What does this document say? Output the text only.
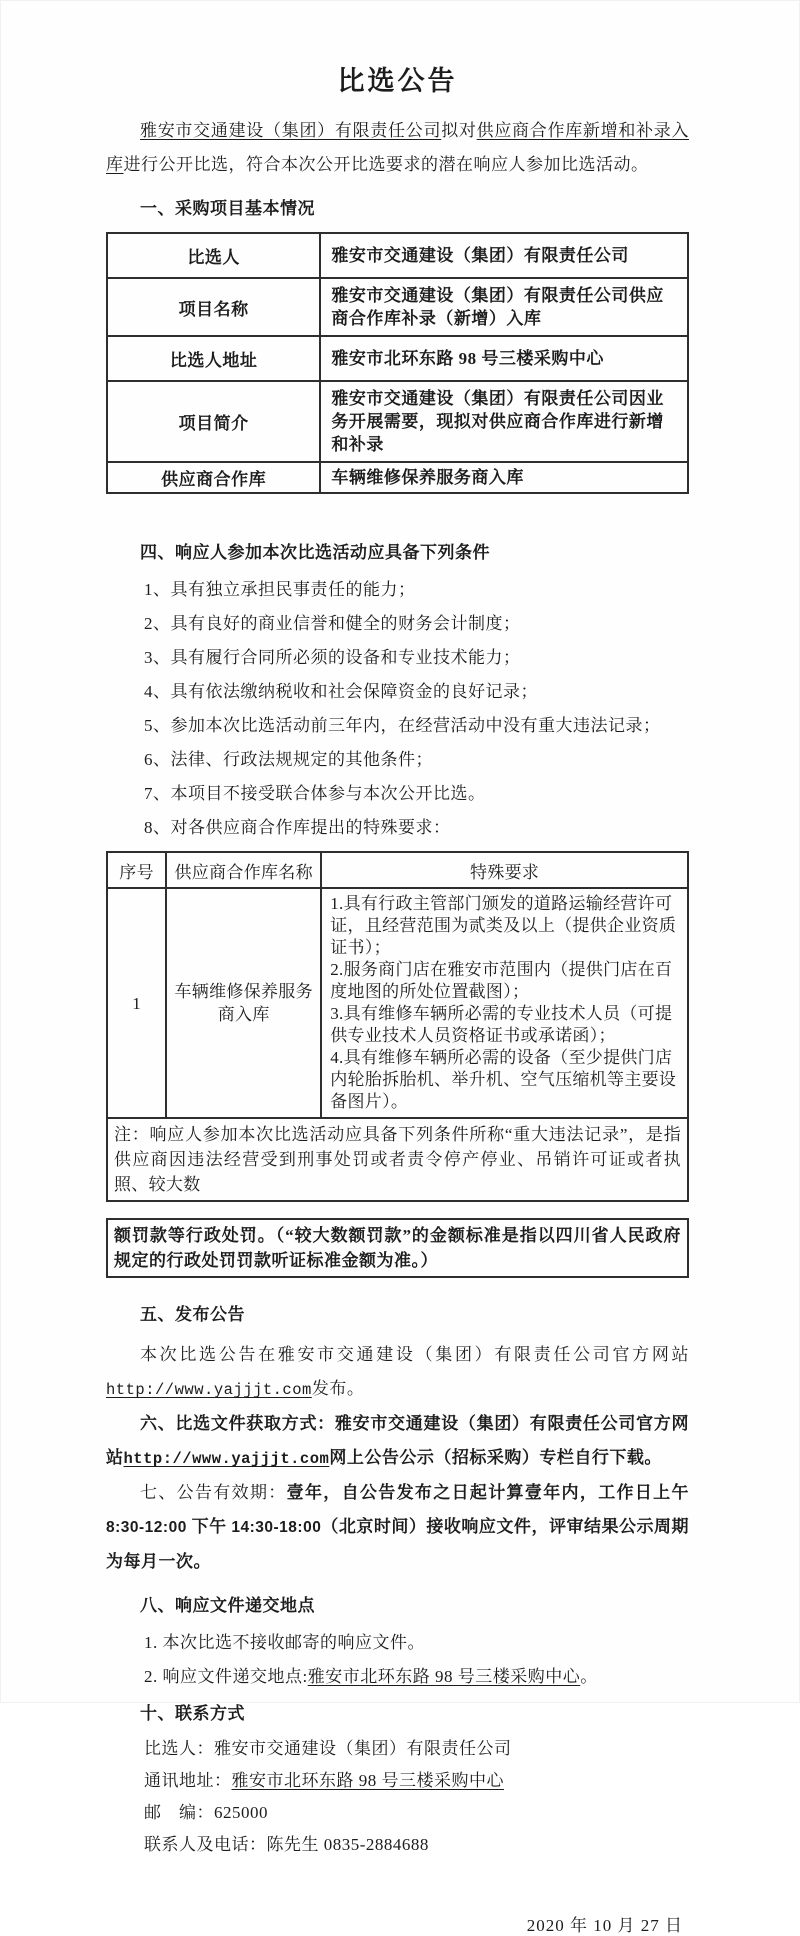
比选公告

雅安市交通建设（集团）有限责任公司拟对供应商合作库新增和补录入库进行公开比选，符合本次公开比选要求的潜在响应人参加比选活动。

一、采购项目基本情况
比选人	雅安市交通建设（集团）有限责任公司
项目名称	雅安市交通建设（集团）有限责任公司供应商合作库补录（新增）入库
比选人地址	雅安市北环东路 98 号三楼采购中心
项目简介	雅安市交通建设（集团）有限责任公司因业务开展需要，现拟对供应商合作库进行新增和补录
供应商合作库	车辆维修保养服务商入库
四、响应人参加本次比选活动应具备下列条件
1、具有独立承担民事责任的能力；
2、具有良好的商业信誉和健全的财务会计制度；
3、具有履行合同所必须的设备和专业技术能力；
4、具有依法缴纳税收和社会保障资金的良好记录；
5、参加本次比选活动前三年内，在经营活动中没有重大违法记录；
6、法律、行政法规规定的其他条件；
7、本项目不接受联合体参与本次公开比选。
8、对各供应商合作库提出的特殊要求：
序号	供应商合作库名称	特殊要求
1	车辆维修保养服务商入库	1.具有行政主管部门颁发的道路运输经营许可证，且经营范围为贰类及以上（提供企业资质证书）；
2.服务商门店在雅安市范围内（提供门店在百度地图的所处位置截图）；
3.具有维修车辆所必需的专业技术人员（可提供专业技术人员资格证书或承诺函）；
4.具有维修车辆所必需的设备（至少提供门店内轮胎拆胎机、举升机、空气压缩机等主要设备图片）。

注：响应人参加本次比选活动应具备下列条件所称“重大违法记录”，是指供应商因违法经营受到刑事处罚或者责令停产停业、吊销许可证或者执照、较大数		
额罚款等行政处罚。（“较大数额罚款”的金额标准是指以四川省人民政府规定的行政处罚罚款听证标准金额为准。）
五、发布公告

本次比选公告在雅安市交通建设（集团）有限责任公司官方网站http://www.yajjjt.com发布。

六、比选文件获取方式：雅安市交通建设（集团）有限责任公司官方网站http://www.yajjjt.com网上公告公示（招标采购）专栏自行下载。

七、公告有效期：壹年，自公告发布之日起计算壹年内，工作日上午 8:30-12:00 下午 14:30-18:00（北京时间）接收响应文件，评审结果公示周期为每月一次。

八、响应文件递交地点
1. 本次比选不接收邮寄的响应文件。
2. 响应文件递交地点:雅安市北环东路 98 号三楼采购中心。
十、联系方式
比选人：雅安市交通建设（集团）有限责任公司
通讯地址：雅安市北环东路 98 号三楼采购中心
邮　编：625000
联系人及电话：陈先生 0835-2884688
2020 年 10 月 27 日
